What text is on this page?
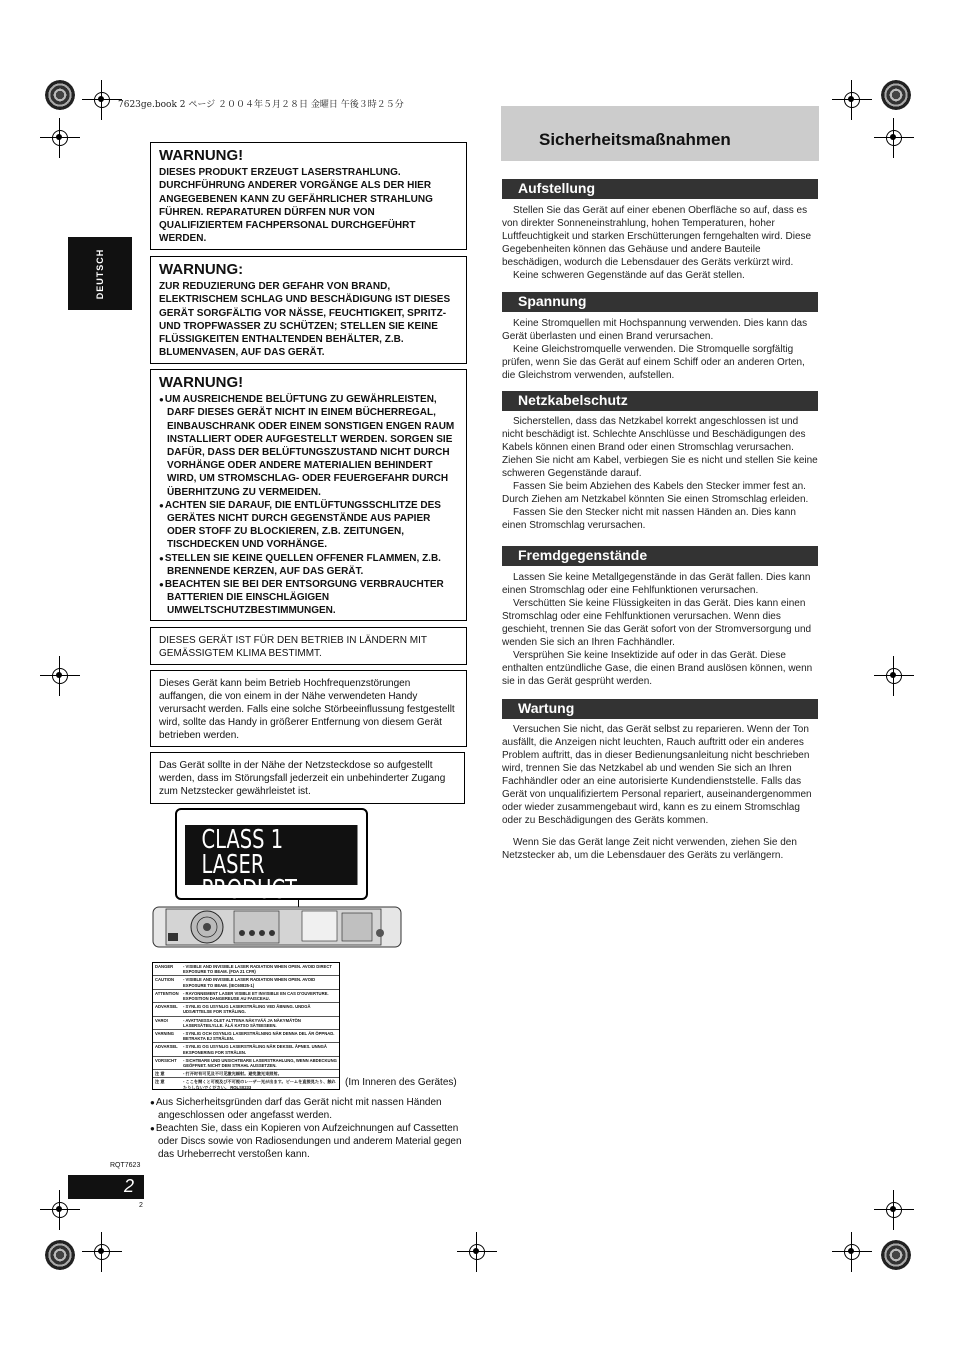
7623ge.book 2 ページ ２００４年５月２８日 金曜日 午後３時２５分
DEUTSCH
WARNUNG!

DIESES PRODUKT ERZEUGT LASERSTRAHLUNG. DURCHFÜHRUNG ANDERER VORGÄNGE ALS DER HIER ANGEGEBENEN KANN ZU GEFÄHRLICHER STRAHLUNG FÜHREN. REPARATUREN DÜRFEN NUR VON QUALIFIZIERTEM FACHPERSONAL DURCHGEFÜHRT WERDEN.

WARNUNG:

ZUR REDUZIERUNG DER GEFAHR VON BRAND, ELEKTRISCHEM SCHLAG UND BESCHÄDIGUNG IST DIESES GERÄT SORGFÄLTIG VOR NÄSSE, FEUCHTIGKEIT, SPRITZ- UND TROPFWASSER ZU SCHÜTZEN; STELLEN SIE KEINE FLÜSSIGKEITEN ENTHALTENDEN BEHÄLTER, Z.B. BLUMENVASEN, AUF DAS GERÄT.

WARNUNG!
● UM AUSREICHENDE BELÜFTUNG ZU GEWÄHRLEISTEN, DARF DIESES GERÄT NICHT IN EINEM BÜCHERREGAL, EINBAUSCHRANK ODER EINEM SONSTIGEN ENGEN RAUM INSTALLIERT ODER AUFGESTELLT WERDEN. SORGEN SIE DAFÜR, DASS DER BELÜFTUNGSZUSTAND NICHT DURCH VORHÄNGE ODER ANDERE MATERIALIEN BEHINDERT WIRD, UM STROMSCHLAG- ODER FEUERGEFAHR DURCH ÜBERHITZUNG ZU VERMEIDEN.
● ACHTEN SIE DARAUF, DIE ENTLÜFTUNGSSCHLITZE DES GERÄTES NICHT DURCH GEGENSTÄNDE AUS PAPIER ODER STOFF ZU BLOCKIEREN, Z.B. ZEITUNGEN, TISCHDECKEN UND VORHÄNGE.
● STELLEN SIE KEINE QUELLEN OFFENER FLAMMEN, Z.B. BRENNENDE KERZEN, AUF DAS GERÄT.
● BEACHTEN SIE BEI DER ENTSORGUNG VERBRAUCHTER BATTERIEN DIE EINSCHLÄGIGEN UMWELTSCHUTZBESTIMMUNGEN.
DIESES GERÄT IST FÜR DEN BETRIEB IN LÄNDERN MIT GEMÄSSIGTEM KLIMA BESTIMMT.
Dieses Gerät kann beim Betrieb Hochfrequenzstörungen auffangen, die von einem in der Nähe verwendeten Handy verursacht werden. Falls eine solche Störbeeinflussung festgestellt wird, sollte das Handy in größerer Entfernung von diesem Gerät betrieben werden.
Das Gerät sollte in der Nähe der Netzsteckdose so aufgestellt werden, dass im Störungsfall jederzeit ein unbehinderter Zugang zum Netzstecker gewährleistet ist.
CLASS 1
LASER PRODUCT
DANGER	- VISIBLE AND INVISIBLE LASER RADIATION WHEN OPEN. AVOID DIRECT EXPOSURE TO BEAM. (FDA 21 CFR)
CAUTION	- VISIBLE AND INVISIBLE LASER RADIATION WHEN OPEN. AVOID EXPOSURE TO BEAM. (IEC60825-1)
ATTENTION	- RAYONNEMENT LASER VISIBLE ET INVISIBLE EN CAS D'OUVERTURE. EXPOSITION DANGEREUSE AU FAISCEAU.
ADVARSEL	- SYNLIG OG USYNLIG LASERSTRÅLING VED ÅBNING. UNDGÅ UDSÆTTELSE FOR STRÅLING.
VARO!	- AVATTAESSA OLET ALTTIINA NÄKYVÄÄ JA NÄKYMÄTÖN LASERSÄTEILYLLE. ÄLÄ KATSO SÄTEESEEN.
VARNING	- SYNLIG OCH OSYNLIG LASERSTRÅLNING NÄR DENNA DEL ÄR ÖPPNAD. BETRAKTA EJ STRÅLEN.
ADVARSEL	- SYNLIG OG USYNLIG LASERSTRÅLING NÅR DEKSEL ÅPNES. UNNGÅ EKSPONERING FOR STRÅLEN.
VORSICHT	- SICHTBARE UND UNSICHTBARE LASERSTRAHLUNG, WENN ABDECKUNG GEÖFFNET. NICHT DEM STRAHL AUSSETZEN.
注 意	- 打开时有可见及不可见激光辐射。避免激光束照射。
注 意	- ここを開くと可視及び不可視のレーザー光が出ます。ビームを直接見たり、触れたりしないでください。 RQLS0233	(Im Inneren des Gerätes)

● Aus Sicherheitsgründen darf das Gerät nicht mit nassen Händen angeschlossen oder angefasst werden.

● Beachten Sie, dass ein Kopieren von Aufzeichnungen auf Cassetten oder Discs sowie von Radiosendungen und anderem Material gegen das Urheberrecht verstoßen kann.

RQT7623
2
2
Sicherheitsmaßnahmen
Aufstellung

Stellen Sie das Gerät auf einer ebenen Oberfläche so auf, dass es von direkter Sonneneinstrahlung, hohen Temperaturen, hoher Luftfeuchtigkeit und starken Erschütterungen ferngehalten wird. Diese Gegebenheiten können das Gehäuse und andere Bauteile beschädigen, wodurch die Lebensdauer des Geräts verkürzt wird.

Keine schweren Gegenstände auf das Gerät stellen.

Spannung

Keine Stromquellen mit Hochspannung verwenden. Dies kann das Gerät überlasten und einen Brand verursachen.

Keine Gleichstromquelle verwenden. Die Stromquelle sorgfältig prüfen, wenn Sie das Gerät auf einem Schiff oder an anderen Orten, die Gleichstrom verwenden, aufstellen.

Netzkabelschutz

Sicherstellen, dass das Netzkabel korrekt angeschlossen ist und nicht beschädigt ist. Schlechte Anschlüsse und Beschädigungen des Kabels können einen Brand oder einen Stromschlag verursachen. Ziehen Sie nicht am Kabel, verbiegen Sie es nicht und stellen Sie keine schweren Gegenstände darauf.

Fassen Sie beim Abziehen des Kabels den Stecker immer fest an. Durch Ziehen am Netzkabel könnten Sie einen Stromschlag erleiden.

Fassen Sie den Stecker nicht mit nassen Händen an. Dies kann einen Stromschlag verursachen.

Fremdgegenstände

Lassen Sie keine Metallgegenstände in das Gerät fallen. Dies kann einen Stromschlag oder eine Fehlfunktionen verursachen.

Verschütten Sie keine Flüssigkeiten in das Gerät. Dies kann einen Stromschlag oder eine Fehlfunktionen verursachen. Wenn dies geschieht, trennen Sie das Gerät sofort von der Stromversorgung und wenden Sie sich an Ihren Fachhändler.

Versprühen Sie keine Insektizide auf oder in das Gerät. Diese enthalten entzündliche Gase, die einen Brand auslösen können, wenn sie in das Gerät gesprüht werden.

Wartung

Versuchen Sie nicht, das Gerät selbst zu reparieren. Wenn der Ton ausfällt, die Anzeigen nicht leuchten, Rauch auftritt oder ein anderes Problem auftritt, das in dieser Bedienungsanleitung nicht beschrieben wird, trennen Sie das Netzkabel ab und wenden Sie sich an Ihren Fachhändler oder an eine autorisierte Kundendienststelle. Falls das Gerät von unqualifiziertem Personal repariert, auseinandergenommen oder wieder zusammengebaut wird, kann es zu einem Stromschlag oder zu Beschädigungen des Geräts kommen.

Wenn Sie das Gerät lange Zeit nicht verwenden, ziehen Sie den Netzstecker ab, um die Lebensdauer des Geräts zu verlängern.
